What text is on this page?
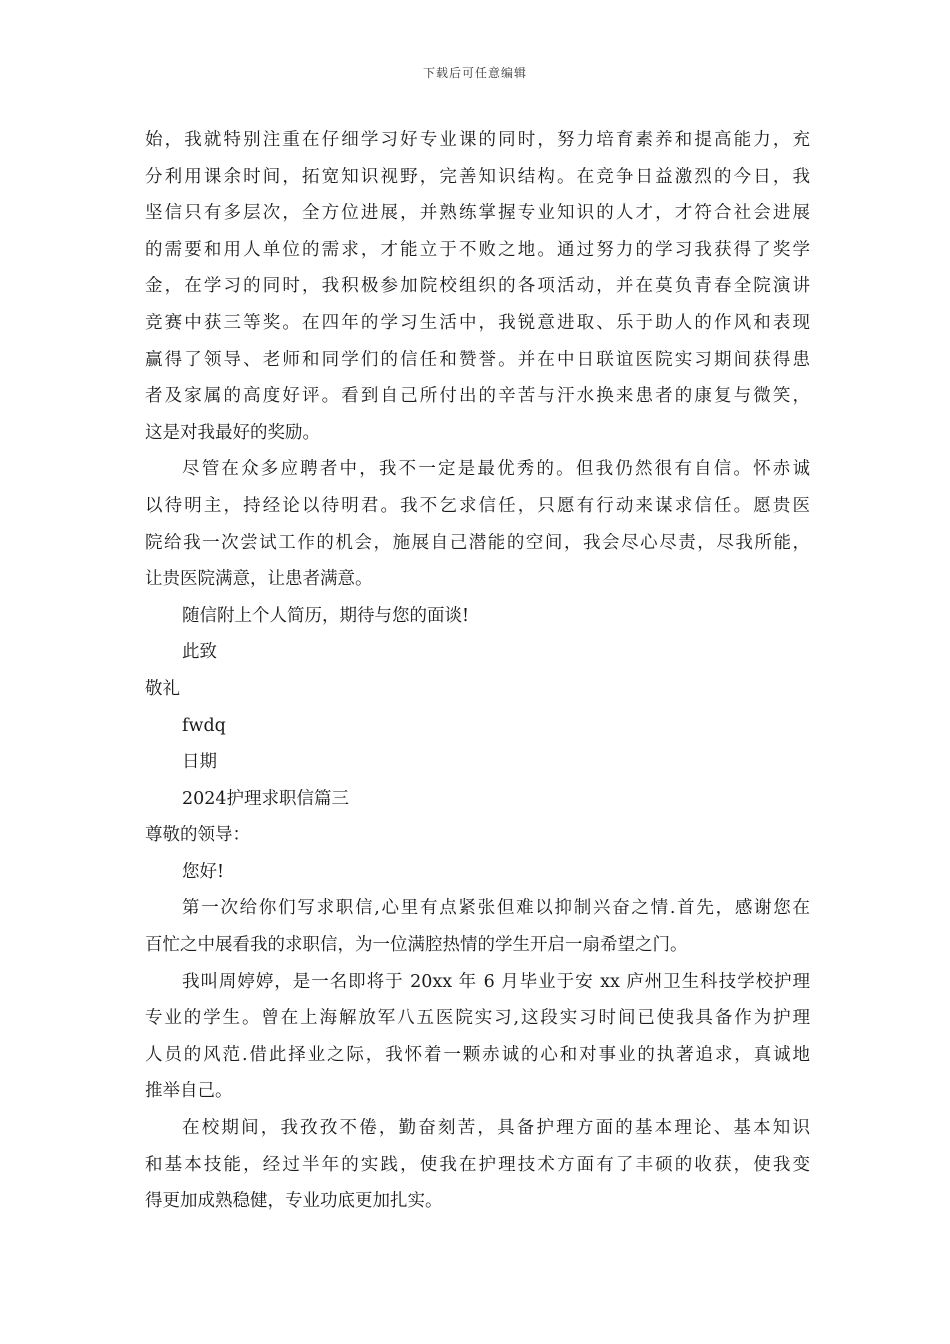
下载后可任意编辑
始，我就特别注重在仔细学习好专业课的同时，努力培育素养和提高能力，充
分利用课余时间，拓宽知识视野，完善知识结构。在竞争日益激烈的今日，我
坚信只有多层次，全方位进展，并熟练掌握专业知识的人才，才符合社会进展
的需要和用人单位的需求，才能立于不败之地。通过努力的学习我获得了奖学
金，在学习的同时，我积极参加院校组织的各项活动，并在莫负青春全院演讲
竞赛中获三等奖。在四年的学习生活中，我锐意进取、乐于助人的作风和表现
赢得了领导、老师和同学们的信任和赞誉。并在中日联谊医院实习期间获得患
者及家属的高度好评。看到自己所付出的辛苦与汗水换来患者的康复与微笑，
这是对我最好的奖励。
尽管在众多应聘者中，我不一定是最优秀的。但我仍然很有自信。怀赤诚
以待明主，持经论以待明君。我不乞求信任，只愿有行动来谋求信任。愿贵医
院给我一次尝试工作的机会，施展自己潜能的空间，我会尽心尽责，尽我所能，
让贵医院满意，让患者满意。
随信附上个人简历，期待与您的面谈!
此致
敬礼
fwdq
日期
2024护理求职信篇三
尊敬的领导：
您好!
第一次给你们写求职信,心里有点紧张但难以抑制兴奋之情.首先，感谢您在
百忙之中展看我的求职信，为一位满腔热情的学生开启一扇希望之门。
我叫周婷婷，是一名即将于 20xx 年 6 月毕业于安 xx 庐州卫生科技学校护理
专业的学生。曾在上海解放军八五医院实习,这段实习时间已使我具备作为护理
人员的风范.借此择业之际，我怀着一颗赤诚的心和对事业的执著追求，真诚地
推举自己。
在校期间，我孜孜不倦，勤奋刻苦，具备护理方面的基本理论、基本知识
和基本技能，经过半年的实践，使我在护理技术方面有了丰硕的收获，使我变
得更加成熟稳健，专业功底更加扎实。
